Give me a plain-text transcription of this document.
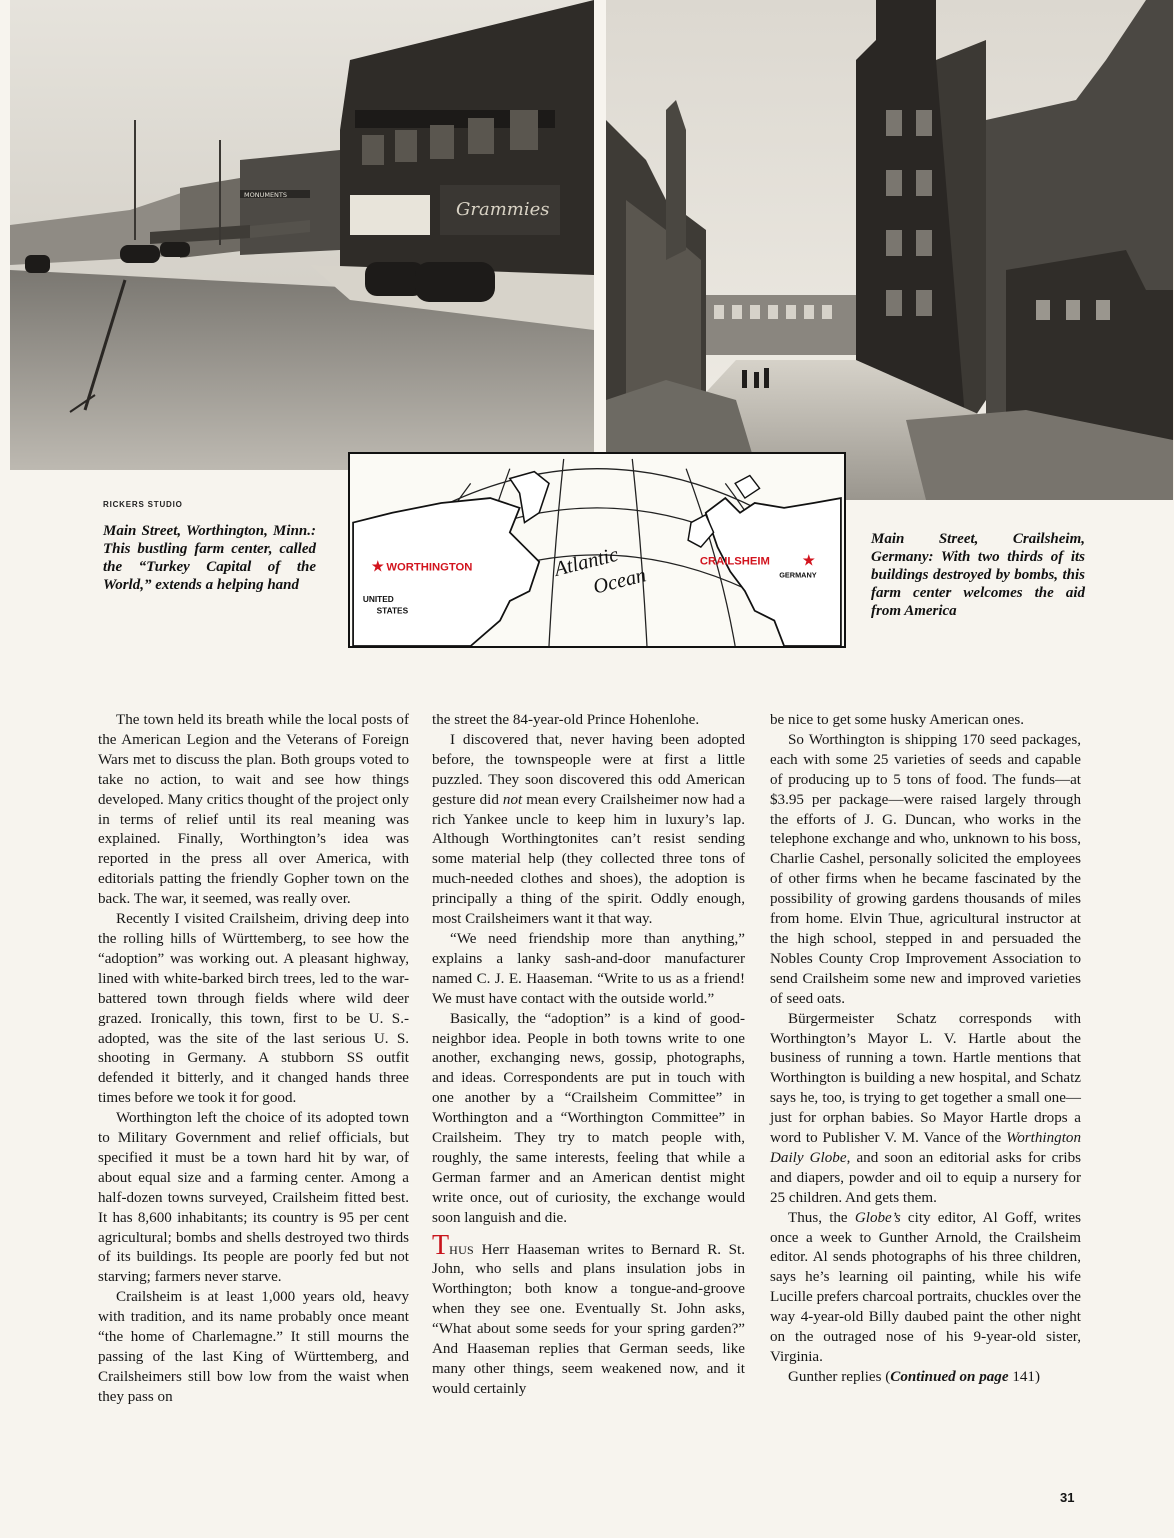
Grammies
MONUMENTS
RICKERS STUDIO
Main Street, Worthington, Minn.: This bustling farm center, called the “Turkey Capital of the World,” extends a helping hand
★ WORTHINGTON
UNITED
STATES
Atlantic
Ocean
CRAILSHEIM ★
GERMANY
Main Street, Crailsheim, Germany: With two thirds of its buildings destroyed by bombs, this farm center welcomes the aid from America

The town held its breath while the local posts of the American Legion and the Veterans of Foreign Wars met to discuss the plan. Both groups voted to take no action, to wait and see how things developed. Many critics thought of the project only in terms of relief until its real meaning was explained. Finally, Worthington’s idea was reported in the press all over America, with editorials patting the friendly Gopher town on the back. The war, it seemed, was really over.

Recently I visited Crailsheim, driving deep into the rolling hills of Württemberg, to see how the “adoption” was working out. A pleasant highway, lined with white-barked birch trees, led to the war-battered town through fields where wild deer grazed. Ironically, this town, first to be U. S.-adopted, was the site of the last serious U. S. shooting in Germany. A stubborn SS outfit defended it bitterly, and it changed hands three times before we took it for good.

Worthington left the choice of its adopted town to Military Government and relief officials, but specified it must be a town hard hit by war, of about equal size and a farming center. Among a half-dozen towns surveyed, Crailsheim fitted best. It has 8,600 inhabitants; its country is 95 per cent agricultural; bombs and shells destroyed two thirds of its buildings. Its people are poorly fed but not starving; farmers never starve.

Crailsheim is at least 1,000 years old, heavy with tradition, and its name probably once meant “the home of Charlemagne.” It still mourns the passing of the last King of Württemberg, and Crailsheimers still bow low from the waist when they pass on

the street the 84-year-old Prince Hohenlohe.

I discovered that, never having been adopted before, the townspeople were at first a little puzzled. They soon discovered this odd American gesture did not mean every Crailsheimer now had a rich Yankee uncle to keep him in luxury’s lap. Although Worthingtonites can’t resist sending some material help (they collected three tons of much-needed clothes and shoes), the adoption is principally a thing of the spirit. Oddly enough, most Crailsheimers want it that way.

“We need friendship more than anything,” explains a lanky sash-and-door manufacturer named C. J. E. Haaseman. “Write to us as a friend! We must have contact with the outside world.”

Basically, the “adoption” is a kind of good-neighbor idea. People in both towns write to one another, exchanging news, gossip, photographs, and ideas. Correspondents are put in touch with one another by a “Crailsheim Committee” in Worthington and a “Worthington Committee” in Crailsheim. They try to match people with, roughly, the same interests, feeling that while a German farmer and an American dentist might write once, out of curiosity, the exchange would soon languish and die.

THUS Herr Haaseman writes to Bernard R. St. John, who sells and plans insulation jobs in Worthington; both know a tongue-and-groove when they see one. Eventually St. John asks, “What about some seeds for your spring garden?” And Haaseman replies that German seeds, like many other things, seem weakened now, and it would certainly

be nice to get some husky American ones.

So Worthington is shipping 170 seed packages, each with some 25 varieties of seeds and capable of producing up to 5 tons of food. The funds—at $3.95 per package—were raised largely through the efforts of J. G. Duncan, who works in the telephone exchange and who, unknown to his boss, Charlie Cashel, personally solicited the employees of other firms when he became fascinated by the possibility of growing gardens thousands of miles from home. Elvin Thue, agricultural instructor at the high school, stepped in and persuaded the Nobles County Crop Improvement Association to send Crailsheim some new and improved varieties of seed oats.

Bürgermeister Schatz corresponds with Worthington’s Mayor L. V. Hartle about the business of running a town. Hartle mentions that Worthington is building a new hospital, and Schatz says he, too, is trying to get together a small one—just for orphan babies. So Mayor Hartle drops a word to Publisher V. M. Vance of the Worthington Daily Globe, and soon an editorial asks for cribs and diapers, powder and oil to equip a nursery for 25 children. And gets them.

Thus, the Globe’s city editor, Al Goff, writes once a week to Gunther Arnold, the Crailsheim editor. Al sends photographs of his three children, says he’s learning oil painting, while his wife Lucille prefers charcoal portraits, chuckles over the way 4-year-old Billy daubed paint the other night on the outraged nose of his 9-year-old sister, Virginia.

Gunther replies (Continued on page 141)

31
